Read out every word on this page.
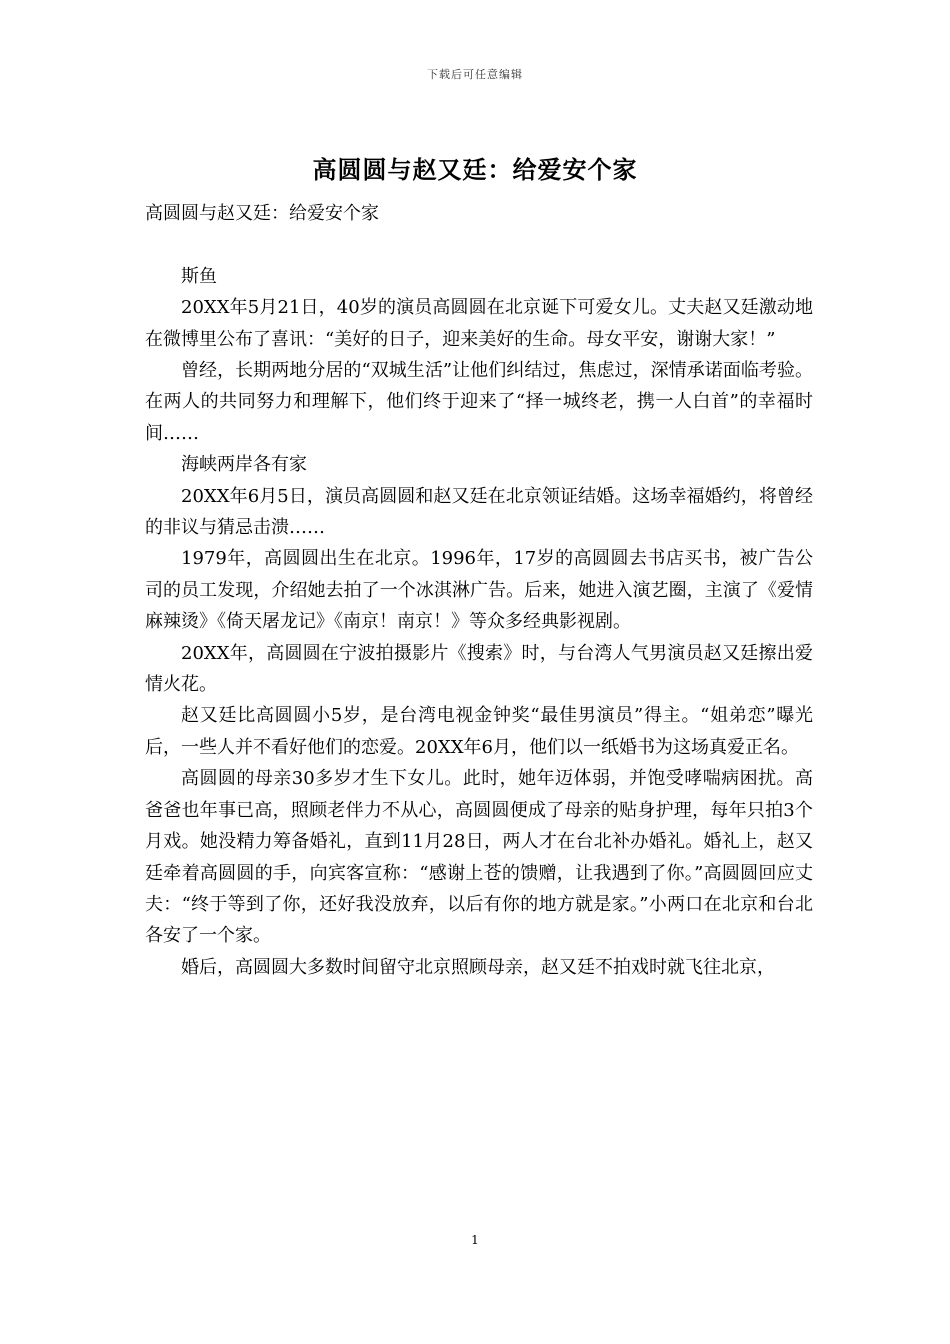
下载后可任意编辑
高圆圆与赵又廷：给爱安个家

高圆圆与赵又廷：给爱安个家

斯鱼

20XX年5月21日，40岁的演员高圆圆在北京诞下可爱女儿。丈夫赵又廷激动地在微博里公布了喜讯：“美好的日子，迎来美好的生命。母女平安，谢谢大家！”

曾经，长期两地分居的“双城生活”让他们纠结过，焦虑过，深情承诺面临考验。在两人的共同努力和理解下，他们终于迎来了“择一城终老，携一人白首”的幸福时间……

海峡两岸各有家

20XX年6月5日，演员高圆圆和赵又廷在北京领证结婚。这场幸福婚约，将曾经的非议与猜忌击溃……

1979年，高圆圆出生在北京。1996年，17岁的高圆圆去书店买书，被广告公司的员工发现，介绍她去拍了一个冰淇淋广告。后来，她进入演艺圈，主演了《爱情麻辣烫》《倚天屠龙记》《南京！南京！》等众多经典影视剧。

20XX年，高圆圆在宁波拍摄影片《搜索》时，与台湾人气男演员赵又廷擦出爱情火花。

赵又廷比高圆圆小5岁，是台湾电视金钟奖“最佳男演员”得主。“姐弟恋”曝光后，一些人并不看好他们的恋爱。20XX年6月，他们以一纸婚书为这场真爱正名。

高圆圆的母亲30多岁才生下女儿。此时，她年迈体弱，并饱受哮喘病困扰。高爸爸也年事已高，照顾老伴力不从心，高圆圆便成了母亲的贴身护理，每年只拍3个月戏。她没精力筹备婚礼，直到11月28日，两人才在台北补办婚礼。婚礼上，赵又廷牵着高圆圆的手，向宾客宣称：“感谢上苍的馈赠，让我遇到了你。”高圆圆回应丈夫：“终于等到了你，还好我没放弃，以后有你的地方就是家。”小两口在北京和台北各安了一个家。

婚后，高圆圆大多数时间留守北京照顾母亲，赵又廷不拍戏时就飞往北京，

1
